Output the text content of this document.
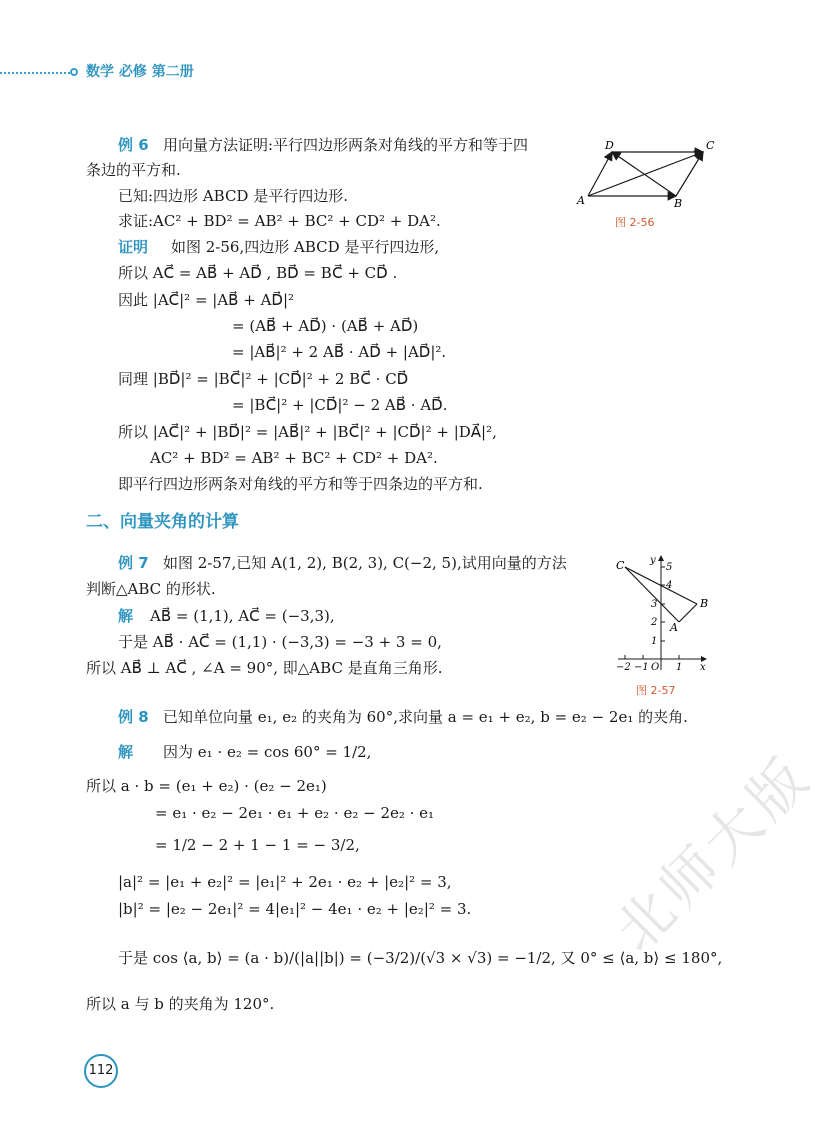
数学 必修 第二册
例 6 用向量方法证明:平行四边形两条对角线的平方和等于四
条边的平方和.
已知:四边形 ABCD 是平行四边形.
求证:AC² + BD² = AB² + BC² + CD² + DA².
证明 如图 2-56,四边形 ABCD 是平行四边形,
所以 AC⃗ = AB⃗ + AD⃗ , BD⃗ = BC⃗ + CD⃗ .
因此 |AC⃗|² = |AB⃗ + AD⃗|²
= (AB⃗ + AD⃗) · (AB⃗ + AD⃗)
= |AB⃗|² + 2 AB⃗ · AD⃗ + |AD⃗|².
同理 |BD⃗|² = |BC⃗|² + |CD⃗|² + 2 BC⃗ · CD⃗
= |BC⃗|² + |CD⃗|² − 2 AB⃗ · AD⃗.
所以 |AC⃗|² + |BD⃗|² = |AB⃗|² + |BC⃗|² + |CD⃗|² + |DA⃗|²,
AC² + BD² = AB² + BC² + CD² + DA².
即平行四边形两条对角线的平方和等于四条边的平方和.
D	C
A	B
图 2-56
二、向量夹角的计算
例 7 如图 2-57,已知 A(1, 2), B(2, 3), C(−2, 5),试用向量的方法
判断△ABC 的形状.
解 AB⃗ = (1,1), AC⃗ = (−3,3),
于是 AB⃗ · AC⃗ = (1,1) · (−3,3) = −3 + 3 = 0,
所以 AB⃗ ⊥ AC⃗ , ∠A = 90°, 即△ABC 是直角三角形.
y
5
4
3
2
1
−2 −1 O 1 x
C
B
A
图 2-57
例 8 已知单位向量 e₁, e₂ 的夹角为 60°,求向量 a = e₁ + e₂, b = e₂ − 2e₁ 的夹角.
解 因为 e₁ · e₂ = cos 60° = 1/2,
所以 a · b = (e₁ + e₂) · (e₂ − 2e₁)
= e₁ · e₂ − 2e₁ · e₁ + e₂ · e₂ − 2e₂ · e₁
= 1/2 − 2 + 1 − 1 = − 3/2,
|a|² = |e₁ + e₂|² = |e₁|² + 2e₁ · e₂ + |e₂|² = 3,
|b|² = |e₂ − 2e₁|² = 4|e₁|² − 4e₁ · e₂ + |e₂|² = 3.
于是 cos ⟨a, b⟩ = (a · b)/(|a||b|) = (−3/2)/(√3 × √3) = −1/2, 又 0° ≤ ⟨a, b⟩ ≤ 180°,
所以 a 与 b 的夹角为 120°.
112
北师大版
